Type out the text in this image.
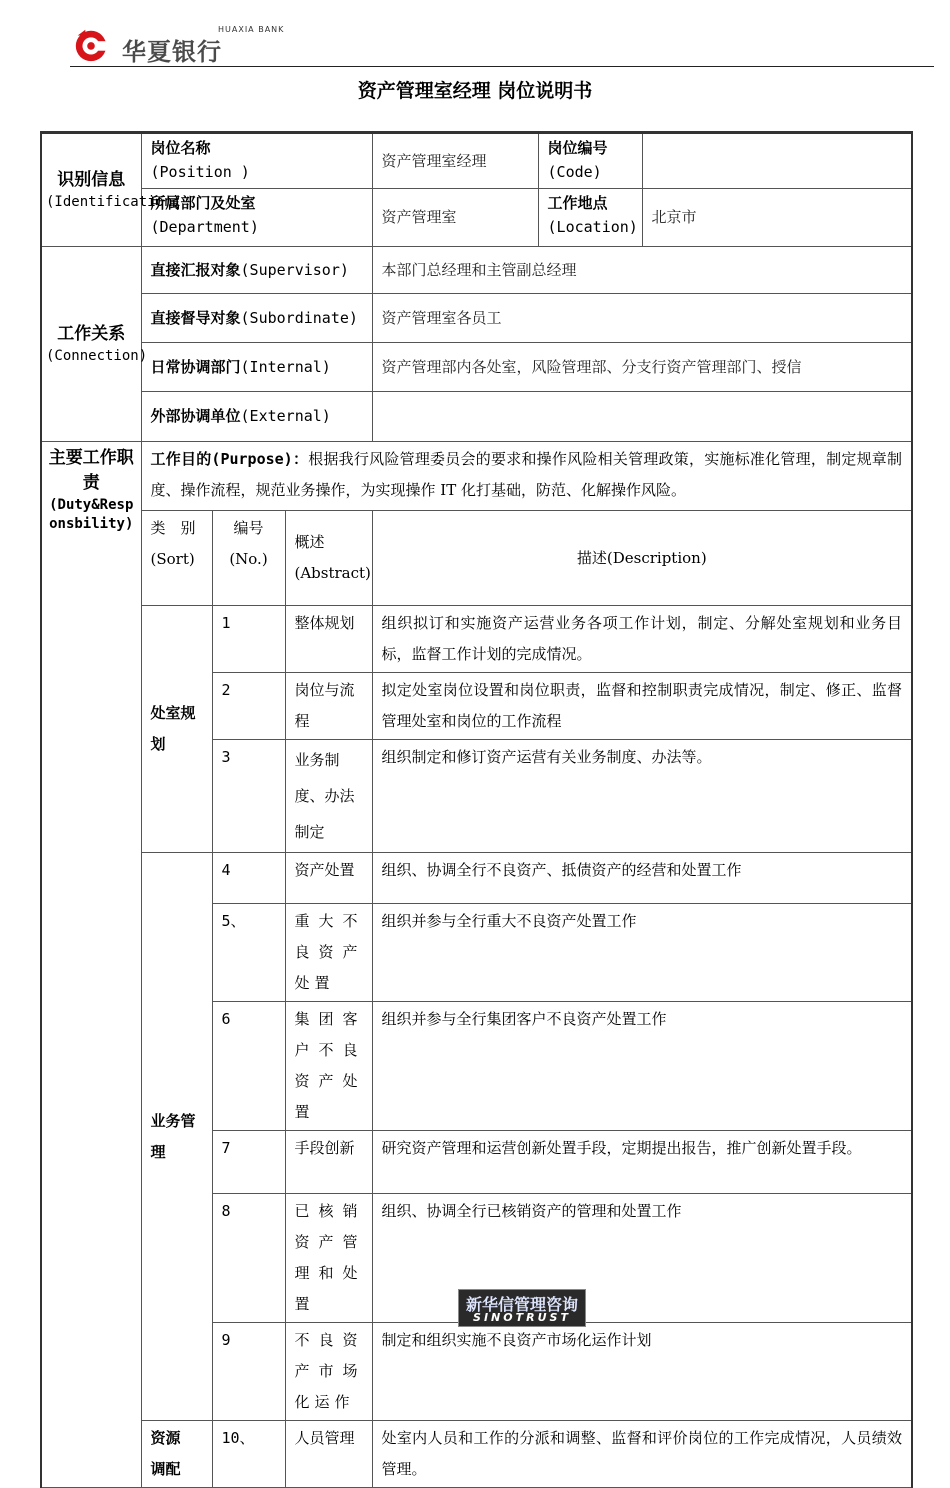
华夏银行
HUAXIA BANK
资产管理室经理 岗位说明书
识别信息
(Identification)	岗位名称
(Position )			资产管理室经理	岗位编号
(Code)	
	所属部门及处室
(Department)			资产管理室	工作地点
(Location)	北京市

工作关系
(Connection)	直接汇报对象(Supervisor)			本部门总经理和主管副总经理		
	直接督导对象(Subordinate)			资产管理室各员工		
	日常协调部门(Internal)			资产管理部内各处室，风险管理部、分支行资产管理部门、授信		
	外部协调单位(External)					

主要工作职责
(Duty&Responsbility)	工作目的(Purpose)：根据我行风险管理委员会的要求和操作风险相关管理政策，实施标准化管理，制定规章制度、操作流程，规范业务操作，为实现操作 IT 化打基础，防范、化解操作风险。					
	类　别(Sort)	编号(No.)	概述(Abstract)	描述(Description)		
	处室规划	1	整体规划	组织拟订和实施资产运营业务各项工作计划，制定、分解处室规划和业务目标，监督工作计划的完成情况。		
		2	岗位与流程	拟定处室岗位设置和岗位职责，监督和控制职责完成情况，制定、修正、监督管理处室和岗位的工作流程		
		3	业务制度、办法制定	组织制定和修订资产运营有关业务制度、办法等。		
	业务管理	4	资产处置	组织、协调全行不良资产、抵债资产的经营和处置工作		
		5、	重大不良资产处置	组织并参与全行重大不良资产处置工作		
		6	集团客户不良资产处置	组织并参与全行集团客户不良资产处置工作		
		7	手段创新	研究资产管理和运营创新处置手段，定期提出报告，推广创新处置手段。		
		8	已核销资产管理和处置	组织、协调全行已核销资产的管理和处置工作		
		9	不良资产市场化运作	制定和组织实施不良资产市场化运作计划		

	资源调配	10、	人员管理	处室内人员和工作的分派和调整、监督和评价岗位的工作完成情况，人员绩效管理。		
新华信管理咨询
SINOTRUST
